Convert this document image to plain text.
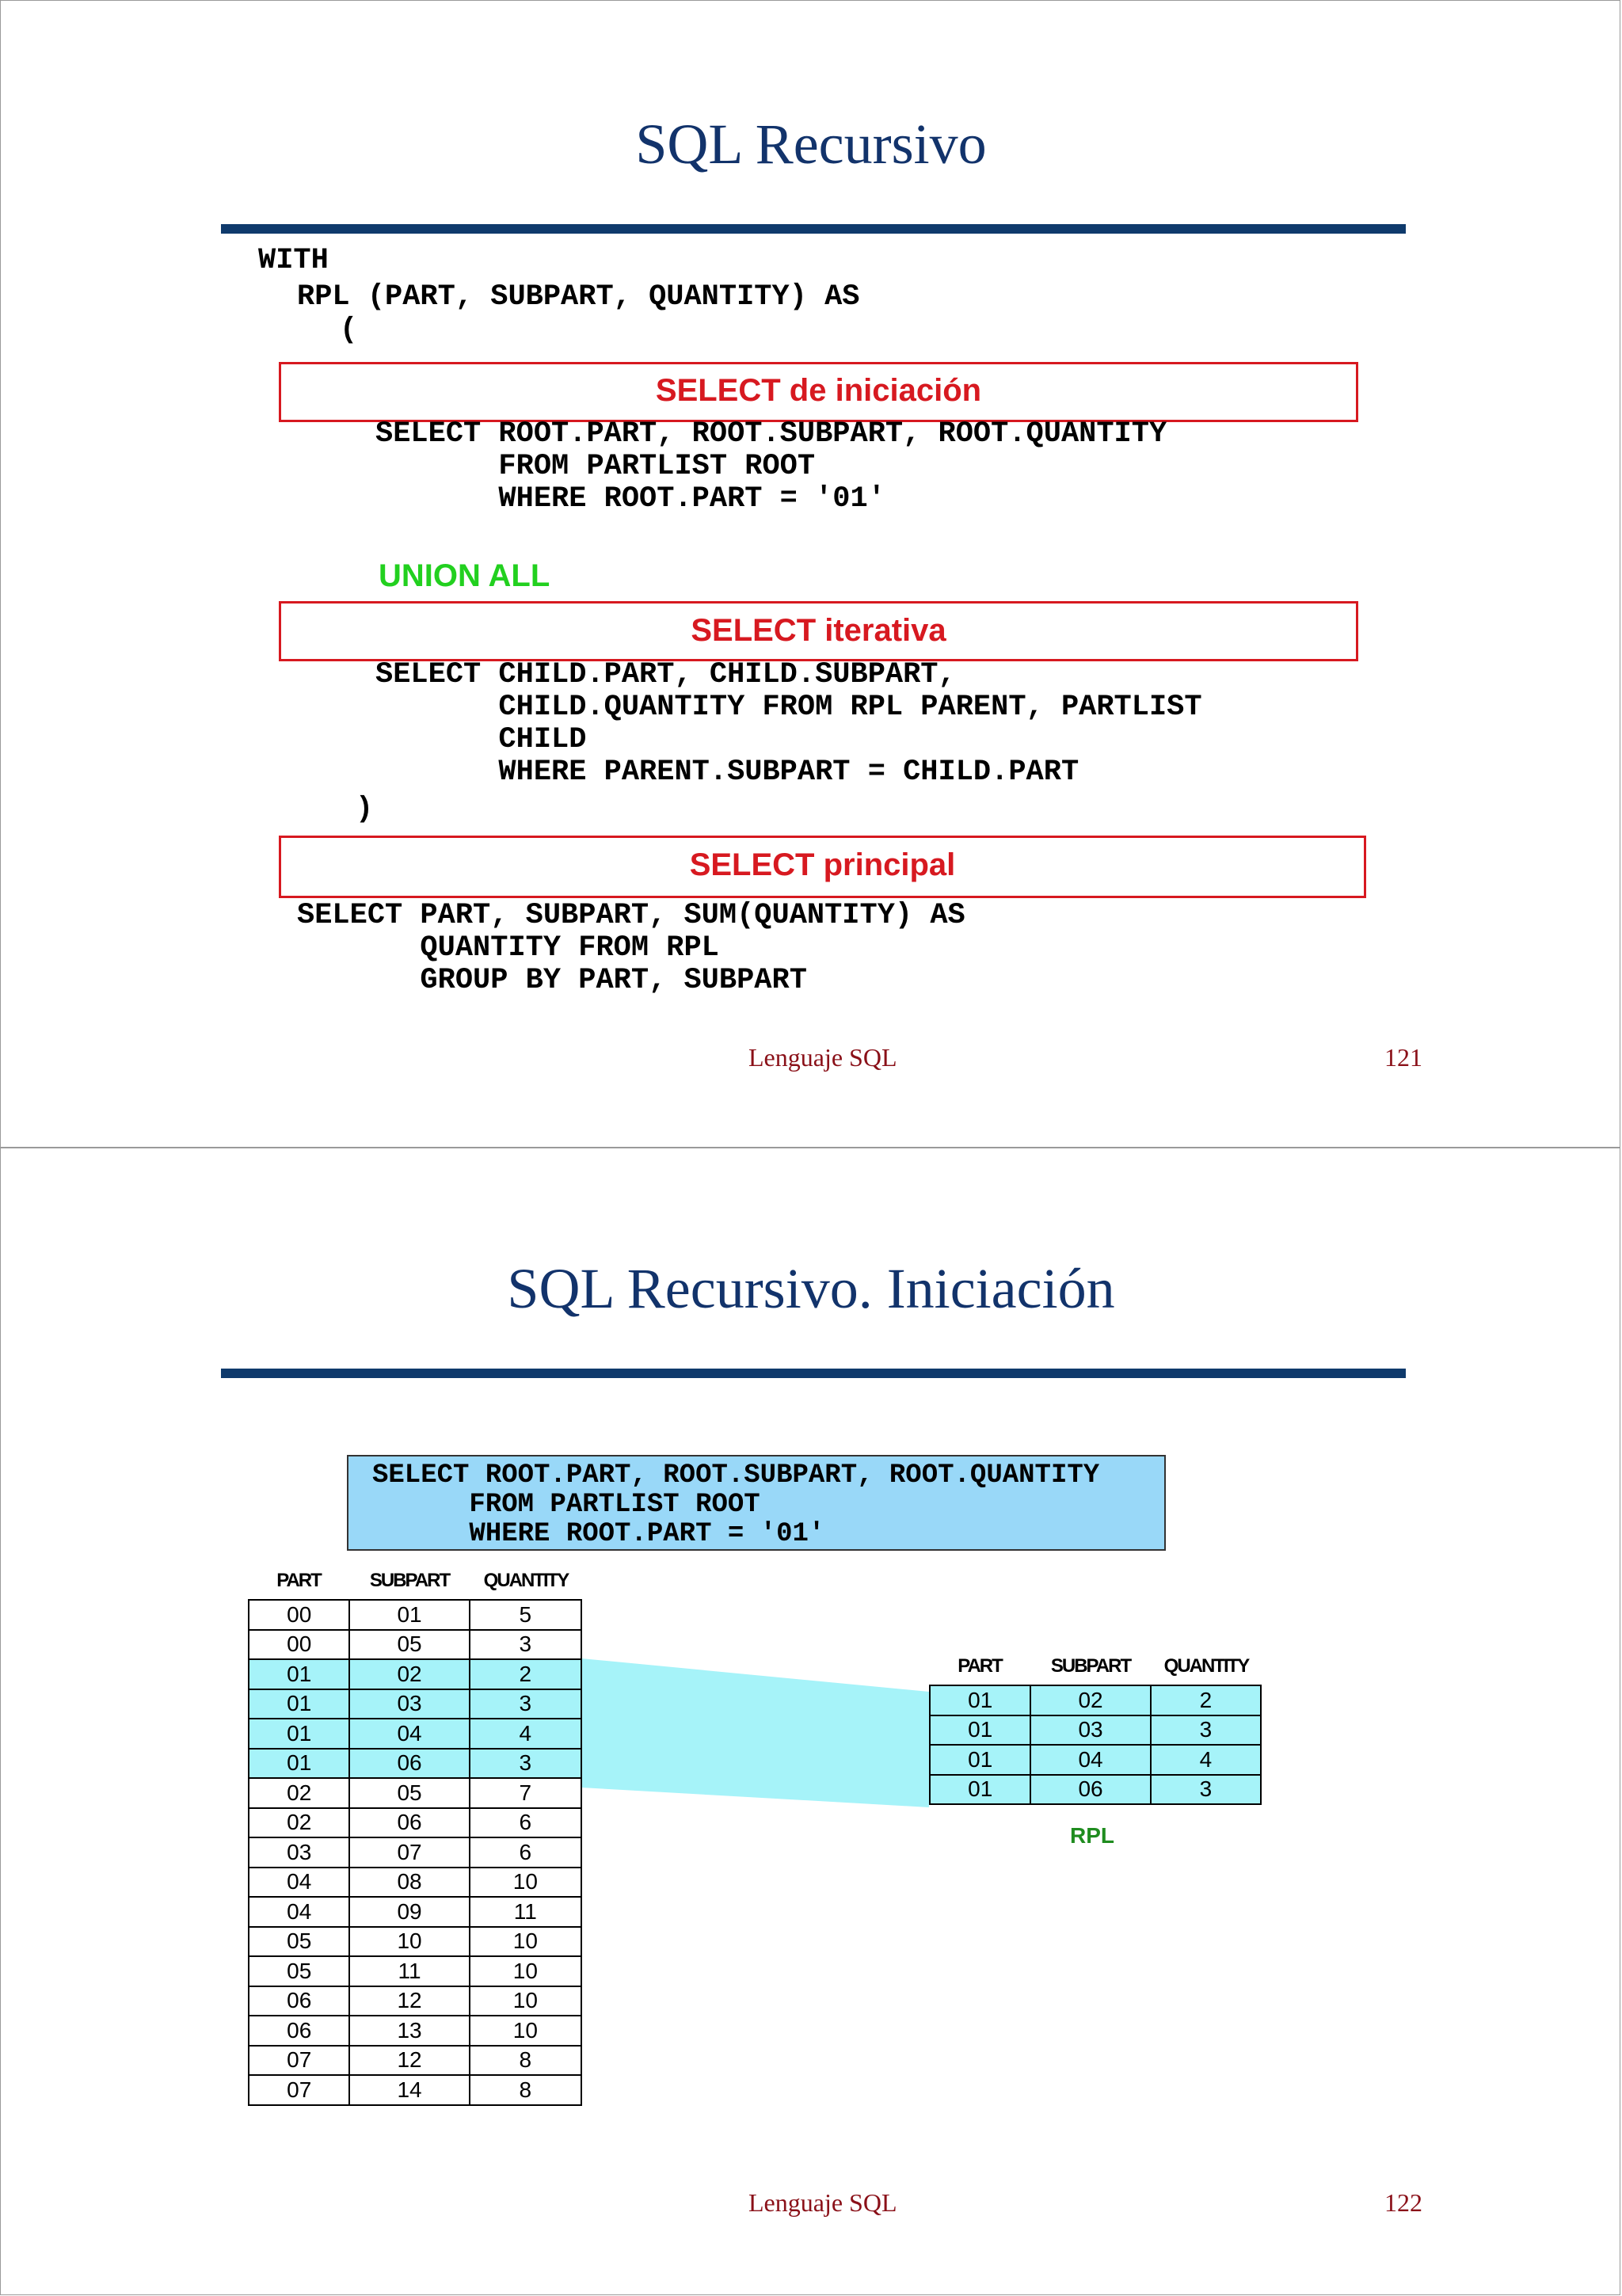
SQL Recursivo
WITH
RPL (PART, SUBPART, QUANTITY) AS
(
SELECT de iniciación
SELECT ROOT.PART, ROOT.SUBPART, ROOT.QUANTITY
FROM PARTLIST ROOT
WHERE ROOT.PART = '01'
UNION ALL
SELECT iterativa
SELECT CHILD.PART, CHILD.SUBPART,
CHILD.QUANTITY FROM RPL PARENT, PARTLIST
CHILD
WHERE PARENT.SUBPART = CHILD.PART
)
SELECT principal
SELECT PART, SUBPART, SUM(QUANTITY) AS
QUANTITY FROM RPL
GROUP BY PART, SUBPART
Lenguaje SQL	121
SQL Recursivo. Iniciación
SELECT ROOT.PART, ROOT.SUBPART, ROOT.QUANTITY
FROM PARTLIST ROOT
WHERE ROOT.PART = '01'
PART	SUBPART	QUANTITY
00	01	5
00	05	3
01	02	2
01	03	3
01	04	4
01	06	3
02	05	7
02	06	6
03	07	6
04	08	10
04	09	11
05	10	10
05	11	10
06	12	10
06	13	10
07	12	8
07	14	8
PART	SUBPART	QUANTITY
01	02	2
01	03	3
01	04	4
01	06	3
RPL
Lenguaje SQL	122
